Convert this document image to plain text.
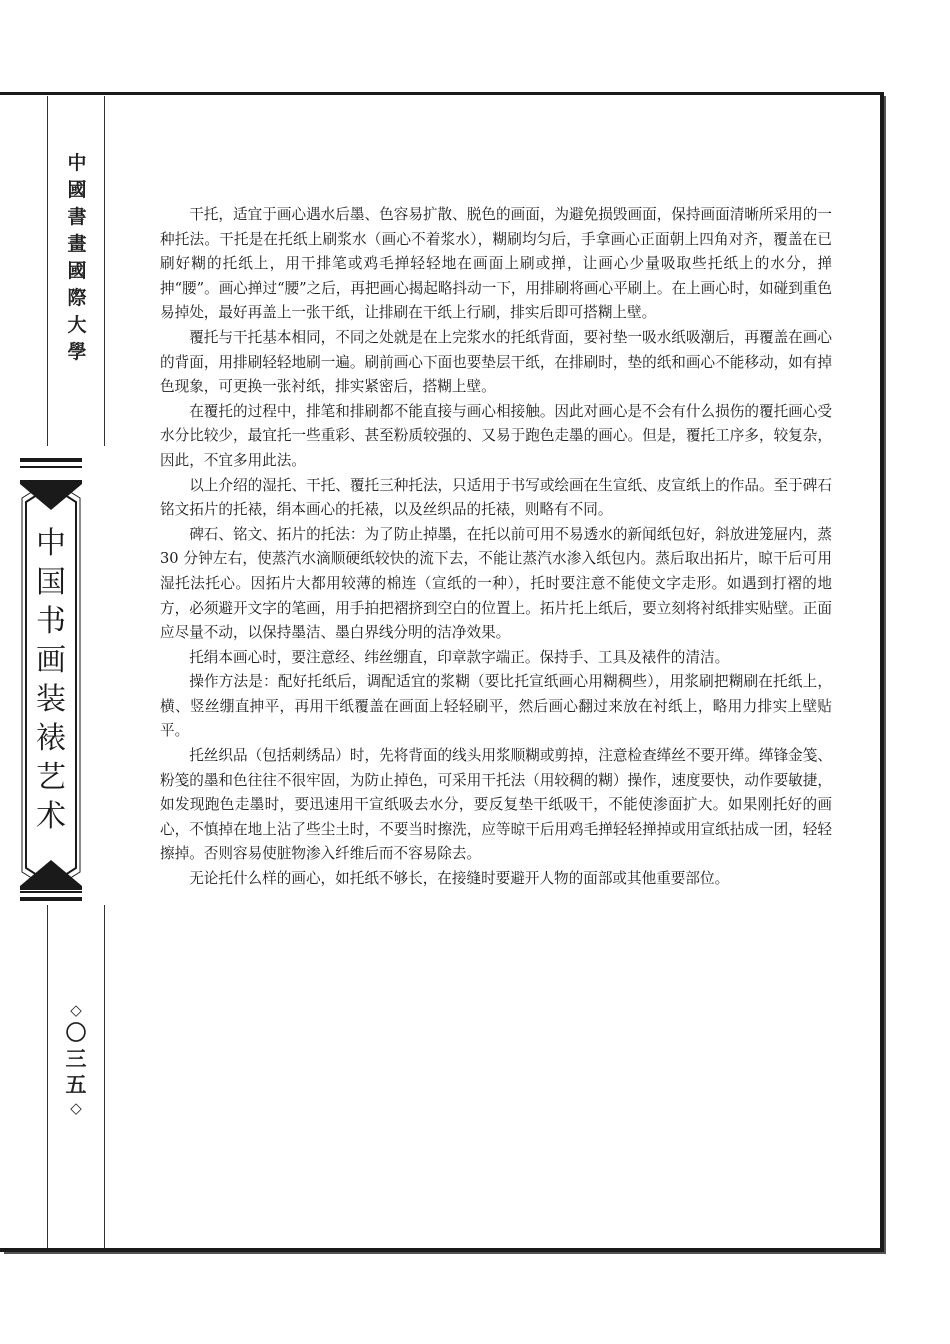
中
國
書
畫
國
際
大
學
中
国
书
画
装
裱
艺
术
◇
〇
三
五
◇

干托，适宜于画心遇水后墨、色容易扩散、脱色的画面，为避免损毁画面，保持画面清晰所采用的一种托法。干托是在托纸上刷浆水（画心不着浆水），糊刷均匀后，手拿画心正面朝上四角对齐，覆盖在已刷好糊的托纸上，用干排笔或鸡毛掸轻轻地在画面上刷或掸，让画心少量吸取些托纸上的水分，掸抻“腰”。画心掸过“腰”之后，再把画心揭起略抖动一下，用排刷将画心平刷上。在上画心时，如碰到重色易掉处，最好再盖上一张干纸，让排刷在干纸上行刷，排实后即可搭糊上壁。

覆托与干托基本相同，不同之处就是在上完浆水的托纸背面，要衬垫一吸水纸吸潮后，再覆盖在画心的背面，用排刷轻轻地刷一遍。刷前画心下面也要垫层干纸，在排刷时，垫的纸和画心不能移动，如有掉色现象，可更换一张衬纸，排实紧密后，搭糊上壁。

在覆托的过程中，排笔和排刷都不能直接与画心相接触。因此对画心是不会有什么损伤的覆托画心受水分比较少，最宜托一些重彩、甚至粉质较强的、又易于跑色走墨的画心。但是，覆托工序多，较复杂，因此，不宜多用此法。

以上介绍的湿托、干托、覆托三种托法，只适用于书写或绘画在生宣纸、皮宣纸上的作品。至于碑石铭文拓片的托裱，绢本画心的托裱，以及丝织品的托裱，则略有不同。

碑石、铭文、拓片的托法：为了防止掉墨，在托以前可用不易透水的新闻纸包好，斜放进笼屉内，蒸 30 分钟左右，使蒸汽水滴顺硬纸较快的流下去，不能让蒸汽水渗入纸包内。蒸后取出拓片，晾干后可用湿托法托心。因拓片大都用较薄的棉连（宣纸的一种），托时要注意不能使文字走形。如遇到打褶的地方，必须避开文字的笔画，用手拍把褶挤到空白的位置上。拓片托上纸后，要立刻将衬纸排实贴壁。正面应尽量不动，以保持墨洁、墨白界线分明的洁净效果。

托绢本画心时，要注意经、纬丝绷直，印章款字端正。保持手、工具及裱件的清洁。

操作方法是：配好托纸后，调配适宜的浆糊（要比托宣纸画心用糊稠些），用浆刷把糊刷在托纸上，横、竖丝绷直抻平，再用干纸覆盖在画面上轻轻刷平，然后画心翻过来放在衬纸上，略用力排实上壁贴平。

托丝织品（包括刺绣品）时，先将背面的线头用浆顺糊或剪掉，注意检查缂丝不要开缂。缂锋金笺、粉笺的墨和色往往不很牢固，为防止掉色，可采用干托法（用较稠的糊）操作，速度要快，动作要敏捷，如发现跑色走墨时，要迅速用干宣纸吸去水分，要反复垫干纸吸干，不能使渗面扩大。如果刚托好的画心，不慎掉在地上沾了些尘土时，不要当时擦洗，应等晾干后用鸡毛掸轻轻掸掉或用宣纸拈成一团，轻轻擦掉。否则容易使脏物渗入纤维后而不容易除去。

无论托什么样的画心，如托纸不够长，在接缝时要避开人物的面部或其他重要部位。
